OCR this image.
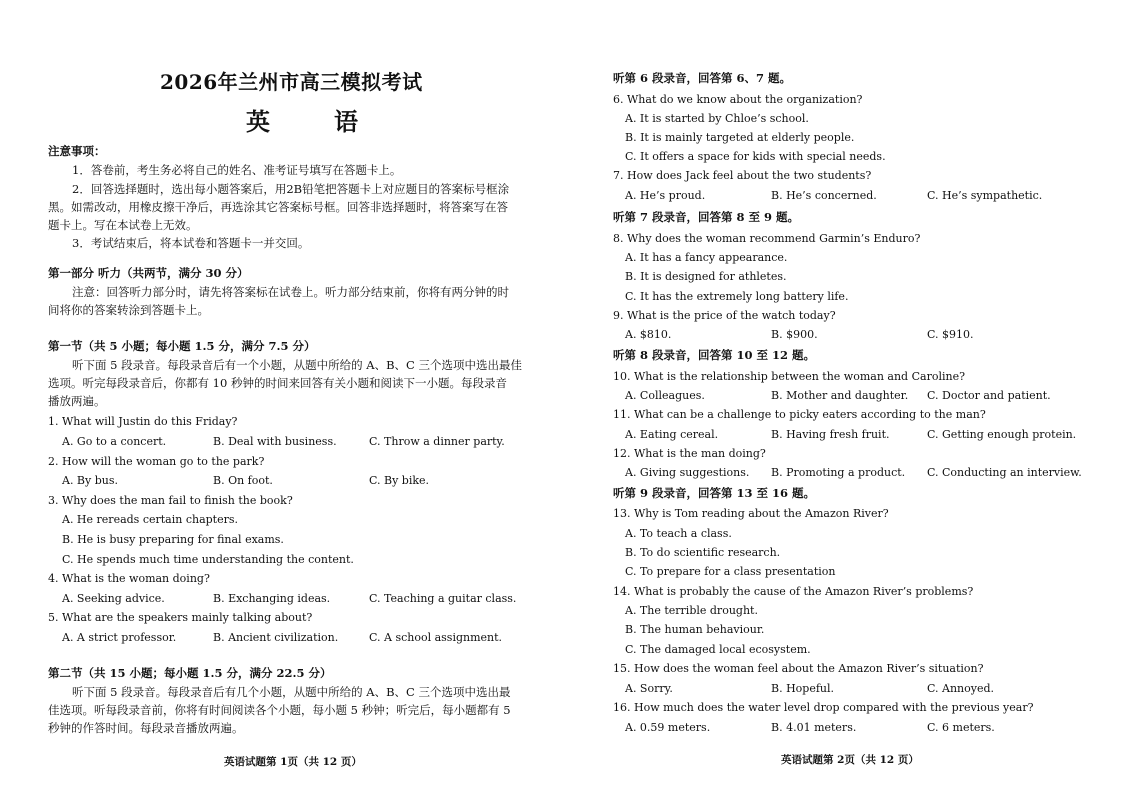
2026年兰州市高三模拟考试
英　语
注意事项：
1．答卷前，考生务必将自己的姓名、准考证号填写在答题卡上。
2．回答选择题时，选出每小题答案后，用2B铅笔把答题卡上对应题目的答案标号框涂
黑。如需改动，用橡皮擦干净后，再选涂其它答案标号框。回答非选择题时，将答案写在答
题卡上。写在本试卷上无效。
3．考试结束后，将本试卷和答题卡一并交回。
第一部分 听力（共两节，满分 30 分）
注意：回答听力部分时，请先将答案标在试卷上。听力部分结束前，你将有两分钟的时
间将你的答案转涂到答题卡上。
第一节（共 5 小题；每小题 1.5 分，满分 7.5 分）
听下面 5 段录音。每段录音后有一个小题，从题中所给的 A、B、C 三个选项中选出最佳
选项。听完每段录音后，你都有 10 秒钟的时间来回答有关小题和阅读下一小题。每段录音
播放两遍。
1. What will Justin do this Friday?
A. Go to a concert.	B. Deal with business.	C. Throw a dinner party.
2. How will the woman go to the park?
A. By bus.	B. On foot.	C. By bike.
3. Why does the man fail to finish the book?
A. He rereads certain chapters.
B. He is busy preparing for final exams.
C. He spends much time understanding the content.
4. What is the woman doing?
A. Seeking advice.	B. Exchanging ideas.	C. Teaching a guitar class.
5. What are the speakers mainly talking about?
A. A strict professor.	B. Ancient civilization.	C. A school assignment.
第二节（共 15 小题；每小题 1.5 分，满分 22.5 分）
听下面 5 段录音。每段录音后有几个小题，从题中所给的 A、B、C 三个选项中选出最
佳选项。听每段录音前，你将有时间阅读各个小题，每小题 5 秒钟；听完后，每小题都有 5
秒钟的作答时间。每段录音播放两遍。
英语试题第 1页（共 12 页）
听第 6 段录音，回答第 6、7 题。
6. What do we know about the organization?
A. It is started by Chloe’s school.
B. It is mainly targeted at elderly people.
C. It offers a space for kids with special needs.
7. How does Jack feel about the two students?
A. He’s proud.	B. He’s concerned.	C. He’s sympathetic.
听第 7 段录音，回答第 8 至 9 题。
8. Why does the woman recommend Garmin’s Enduro?
A. It has a fancy appearance.
B. It is designed for athletes.
C. It has the extremely long battery life.
9. What is the price of the watch today?
A. $810.	B. $900.	C. $910.
听第 8 段录音，回答第 10 至 12 题。
10. What is the relationship between the woman and Caroline?
A. Colleagues.	B. Mother and daughter. C. Doctor and patient.
11. What can be a challenge to picky eaters according to the man?
A. Eating cereal.	B. Having fresh fruit.	C. Getting enough protein.
12. What is the man doing?
A. Giving suggestions. B. Promoting a product. C. Conducting an interview.
听第 9 段录音，回答第 13 至 16 题。
13. Why is Tom reading about the Amazon River?
A. To teach a class.
B. To do scientific research.
C. To prepare for a class presentation
14. What is probably the cause of the Amazon River’s problems?
A. The terrible drought.
B. The human behaviour.
C. The damaged local ecosystem.
15. How does the woman feel about the Amazon River’s situation?
A. Sorry.	B. Hopeful.	C. Annoyed.
16. How much does the water level drop compared with the previous year?
A. 0.59 meters.	B. 4.01 meters.	C. 6 meters.
英语试题第 2页（共 12 页）
